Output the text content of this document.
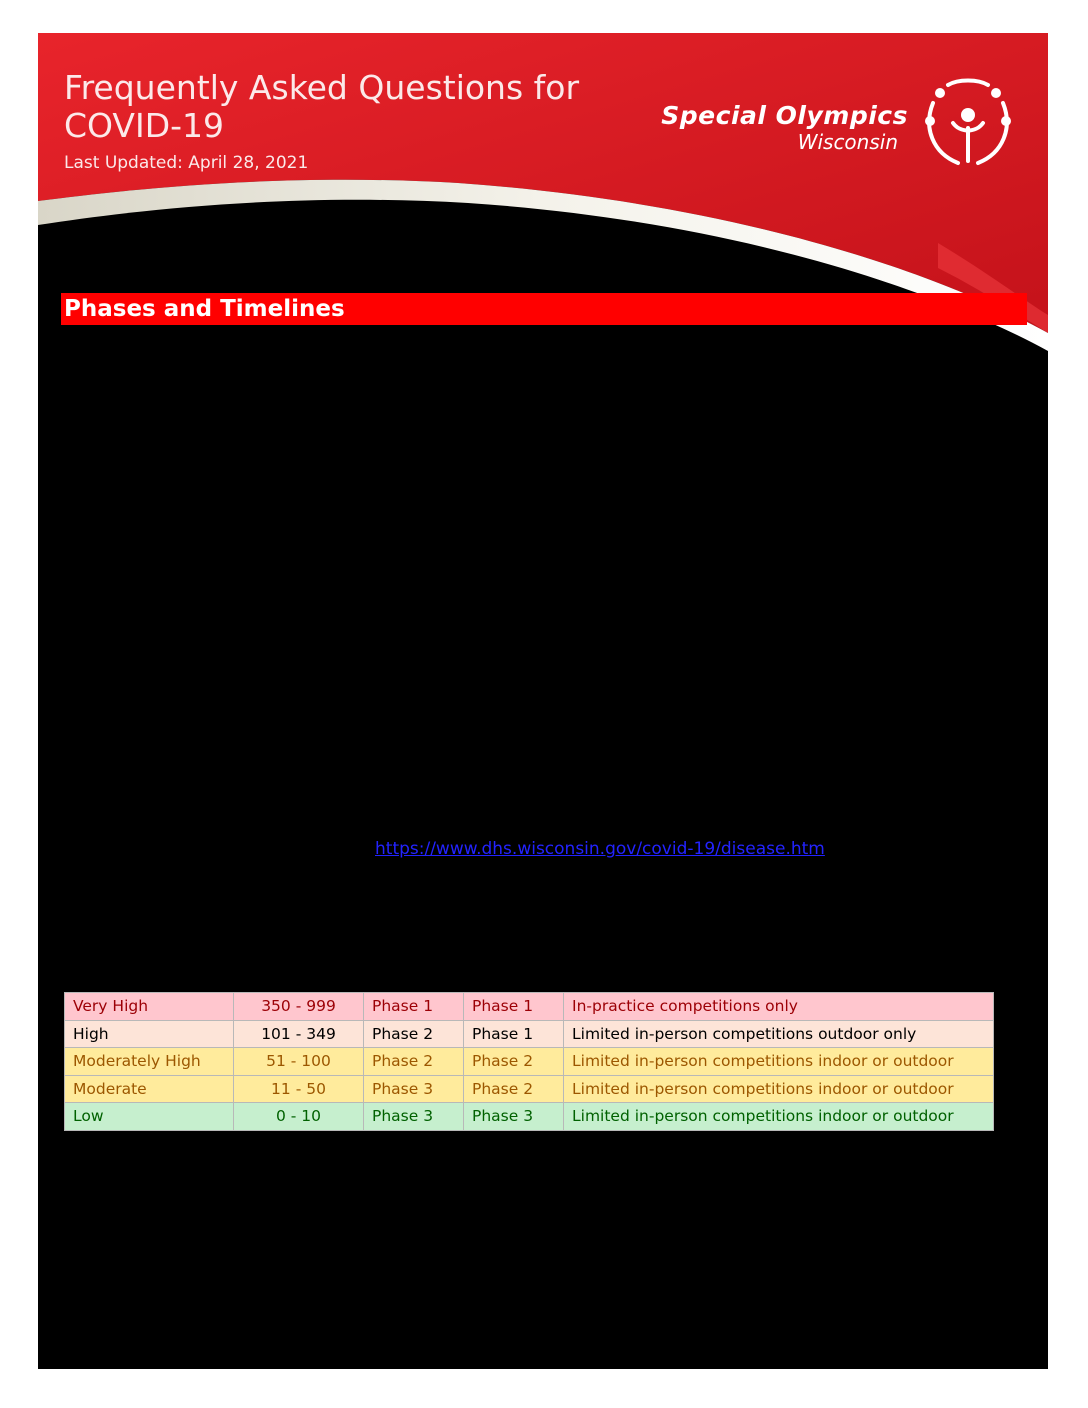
Frequently Asked Questions for COVID-19
Last Updated: April 28, 2021
Special Olympics
Wisconsin
Phases and Timelines
https://www.dhs.wisconsin.gov/covid-19/disease.htm
Very High	350 - 999	Phase 1	Phase 1	In-practice competitions only
High	101 - 349	Phase 2	Phase 1	Limited in-person competitions outdoor only
Moderately High	51 - 100	Phase 2	Phase 2	Limited in-person competitions indoor or outdoor
Moderate	11 - 50	Phase 3	Phase 2	Limited in-person competitions indoor or outdoor
Low	0 - 10	Phase 3	Phase 3	Limited in-person competitions indoor or outdoor
